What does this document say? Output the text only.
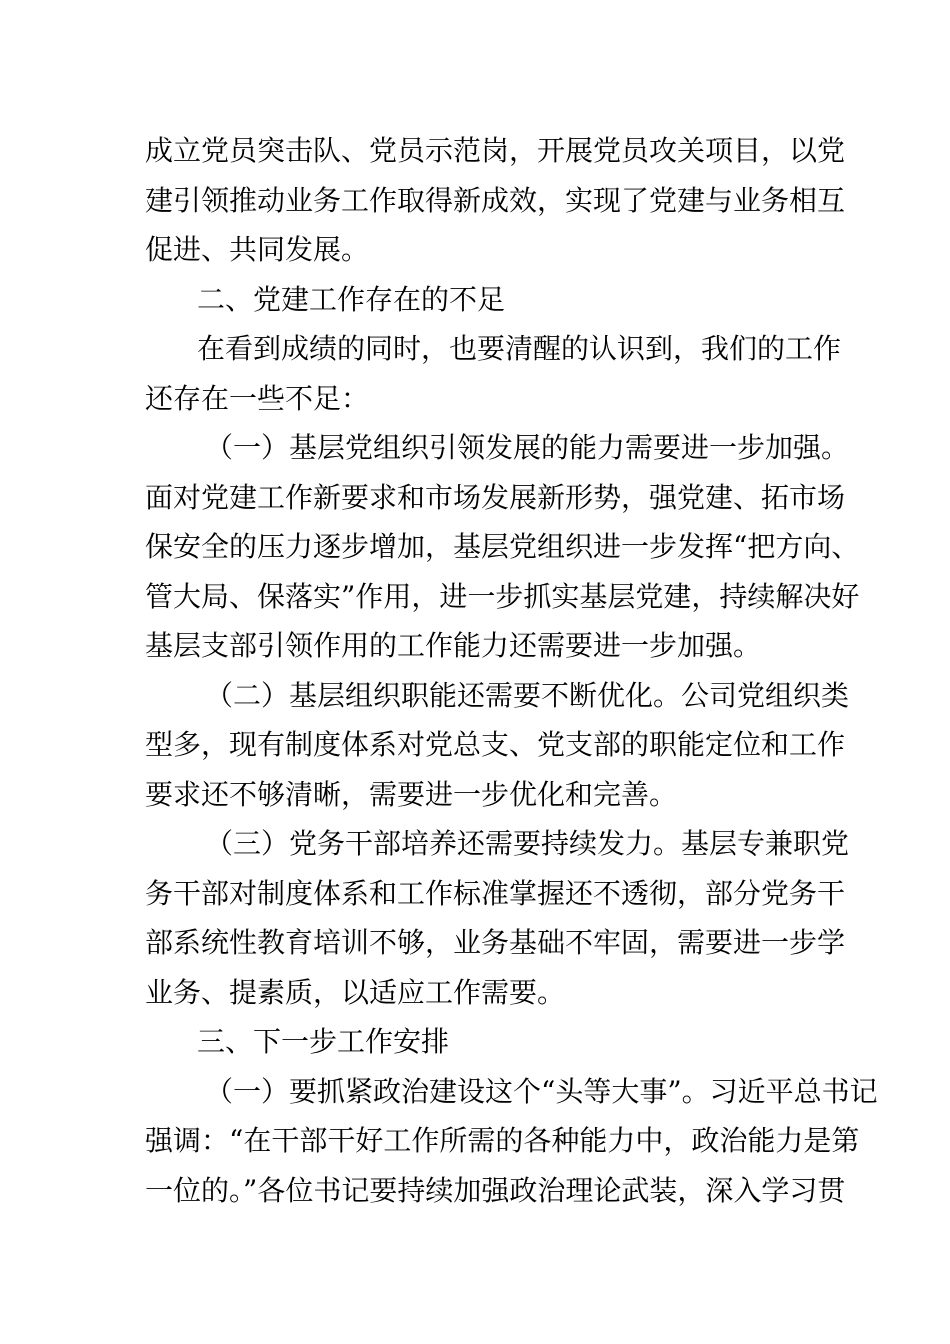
成立党员突击队、党员示范岗，开展党员攻关项目，以党
建引领推动业务工作取得新成效，实现了党建与业务相互
促进、共同发展。
二、党建工作存在的不足
在看到成绩的同时，也要清醒的认识到，我们的工作
还存在一些不足：
（一）基层党组织引领发展的能力需要进一步加强。
面对党建工作新要求和市场发展新形势，强党建、拓市场
保安全的压力逐步增加，基层党组织进一步发挥“把方向、
管大局、保落实”作用，进一步抓实基层党建，持续解决好
基层支部引领作用的工作能力还需要进一步加强。
（二）基层组织职能还需要不断优化。公司党组织类
型多，现有制度体系对党总支、党支部的职能定位和工作
要求还不够清晰，需要进一步优化和完善。
（三）党务干部培养还需要持续发力。基层专兼职党
务干部对制度体系和工作标准掌握还不透彻，部分党务干
部系统性教育培训不够，业务基础不牢固，需要进一步学
业务、提素质，以适应工作需要。
三、下一步工作安排
（一）要抓紧政治建设这个“头等大事”。习近平总书记
强调：“在干部干好工作所需的各种能力中，政治能力是第
一位的。”各位书记要持续加强政治理论武装，深入学习贯
